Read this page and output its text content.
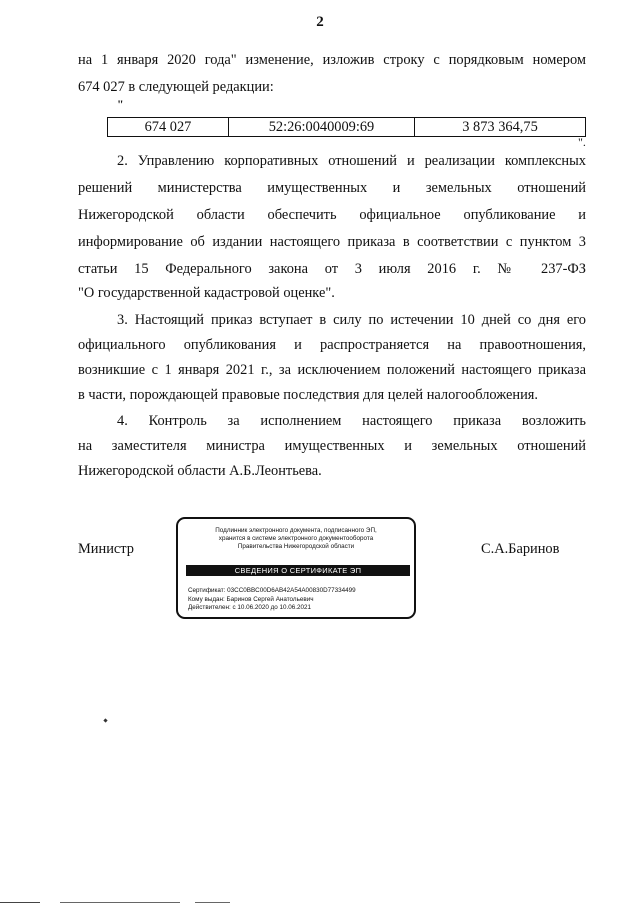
2
на 1 января 2020 года" изменение, изложив строку с порядковым номером
674 027 в следующей редакции:
"
674 027	52:26:0040009:69	3 873 364,75
".
2. Управлению корпоративных отношений и реализации комплексных
решений министерства имущественных и земельных отношений
Нижегородской области обеспечить официальное опубликование и
информирование об издании настоящего приказа в соответствии с пунктом 3
статьи 15 Федерального закона от 3 июля 2016 г. № 237-ФЗ
"О государственной кадастровой оценке".
3. Настоящий приказ вступает в силу по истечении 10 дней со дня его
официального опубликования и распространяется на правоотношения,
возникшие с 1 января 2021 г., за исключением положений настоящего приказа
в части, порождающей правовые последствия для целей налогообложения.
4. Контроль за исполнением настоящего приказа возложить
на заместителя министра имущественных и земельных отношений
Нижегородской области А.Б.Леонтьева.
Министр	С.А.Баринов
Подлинник электронного документа, подписанного ЭП,
хранится в системе электронного документооборота
Правительства Нижегородской области
СВЕДЕНИЯ О СЕРТИФИКАТЕ ЭП
Сертификат: 03CC0BBC00D6AB42A54A00830D77334499
Кому выдан: Баринов Сергей Анатольевич
Действителен: с 10.06.2020 до 10.06.2021
